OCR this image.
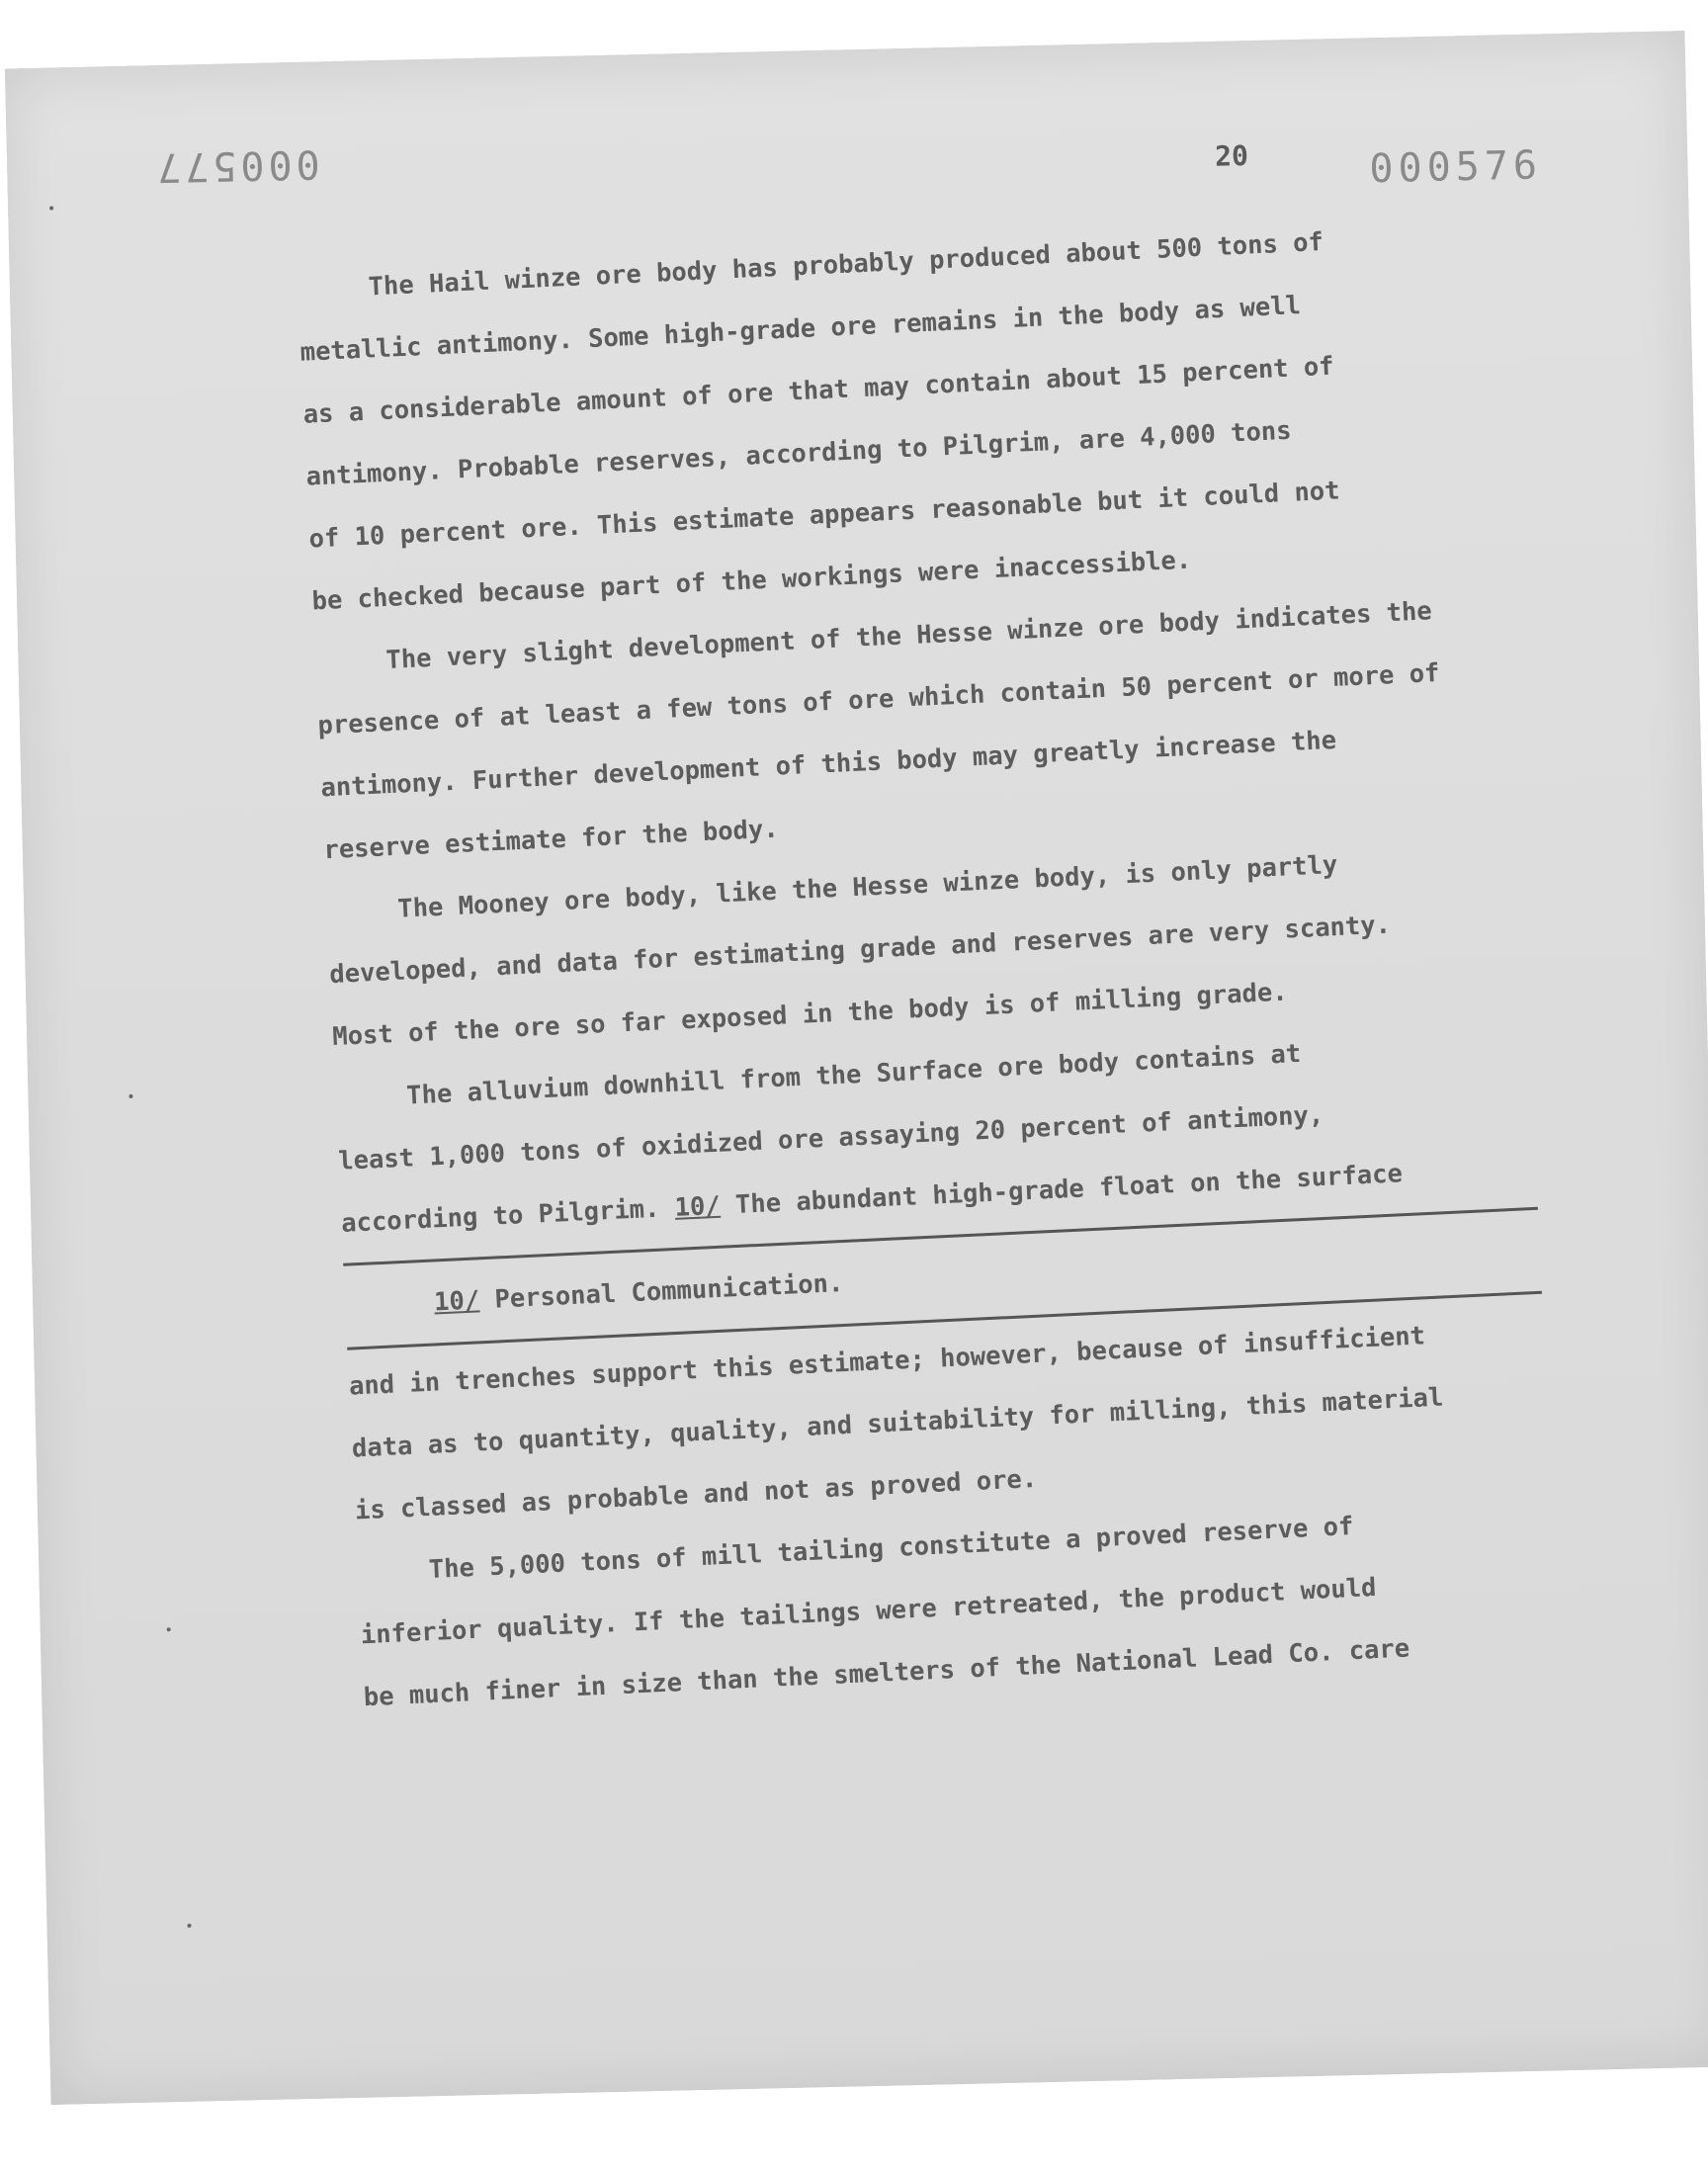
000577	20	000576
The Hail winze ore body has probably produced about 500 tons of
metallic antimony. Some high-grade ore remains in the body as well
as a considerable amount of ore that may contain about 15 percent of
antimony. Probable reserves, according to Pilgrim, are 4,000 tons
of 10 percent ore. This estimate appears reasonable but it could not
be checked because part of the workings were inaccessible.
The very slight development of the Hesse winze ore body indicates the
presence of at least a few tons of ore which contain 50 percent or more of
antimony. Further development of this body may greatly increase the
reserve estimate for the body.
The Mooney ore body, like the Hesse winze body, is only partly
developed, and data for estimating grade and reserves are very scanty.
Most of the ore so far exposed in the body is of milling grade.
The alluvium downhill from the Surface ore body contains at
least 1,000 tons of oxidized ore assaying 20 percent of antimony,
according to Pilgrim. 10/ The abundant high-grade float on the surface
10/ Personal Communication.
and in trenches support this estimate; however, because of insufficient
data as to quantity, quality, and suitability for milling, this material
is classed as probable and not as proved ore.
The 5,000 tons of mill tailing constitute a proved reserve of
inferior quality. If the tailings were retreated, the product would
be much finer in size than the smelters of the National Lead Co. care
